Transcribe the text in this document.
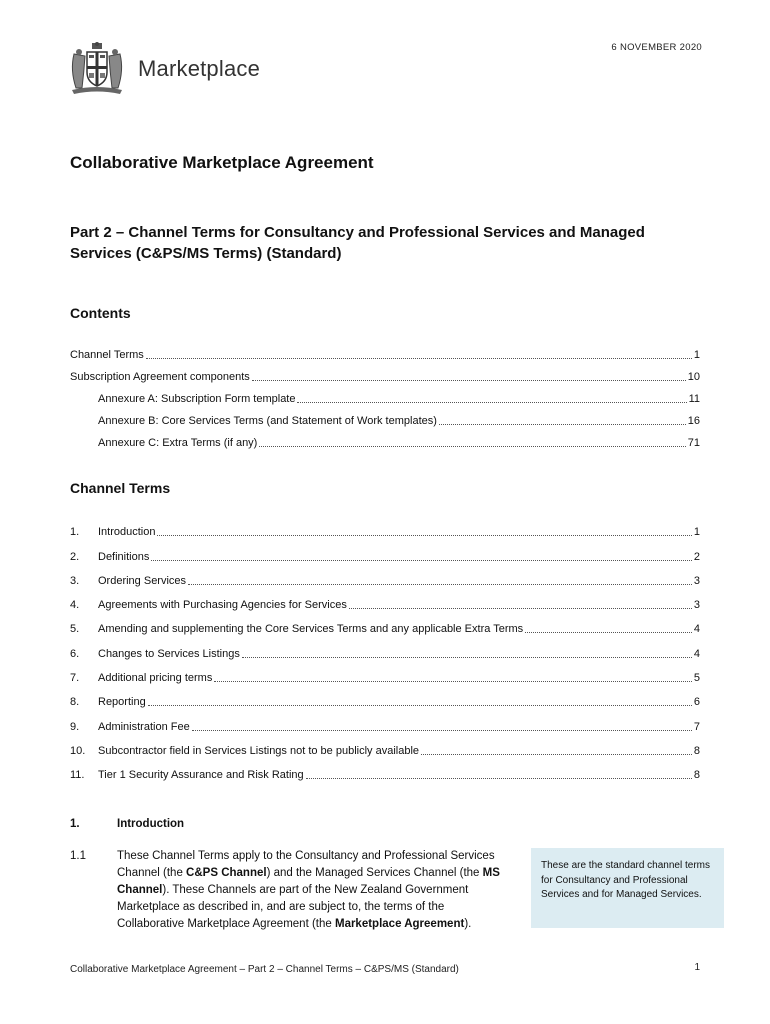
6 NOVEMBER 2020
Marketplace
Collaborative Marketplace Agreement
Part 2 – Channel Terms for Consultancy and Professional Services and Managed Services (C&PS/MS Terms) (Standard)
Contents
Channel Terms	1
Subscription Agreement components	10
Annexure A: Subscription Form template	11
Annexure B: Core Services Terms (and Statement of Work templates)	16
Annexure C: Extra Terms (if any)	71
Channel Terms
1.	Introduction	1
2.	Definitions	2
3.	Ordering Services	3
4.	Agreements with Purchasing Agencies for Services	3
5.	Amending and supplementing the Core Services Terms and any applicable Extra Terms	4
6.	Changes to Services Listings	4
7.	Additional pricing terms	5
8.	Reporting	6
9.	Administration Fee	7
10.	Subcontractor field in Services Listings not to be publicly available	8
11.	Tier 1 Security Assurance and Risk Rating	8
1.	Introduction
1.1	These Channel Terms apply to the Consultancy and Professional Services Channel (the C&PS Channel) and the Managed Services Channel (the MS Channel). These Channels are part of the New Zealand Government Marketplace as described in, and are subject to, the terms of the Collaborative Marketplace Agreement (the Marketplace Agreement).
These are the standard channel terms for Consultancy and Professional Services and for Managed Services.
Collaborative Marketplace Agreement – Part 2 – Channel Terms – C&PS/MS (Standard)	1
